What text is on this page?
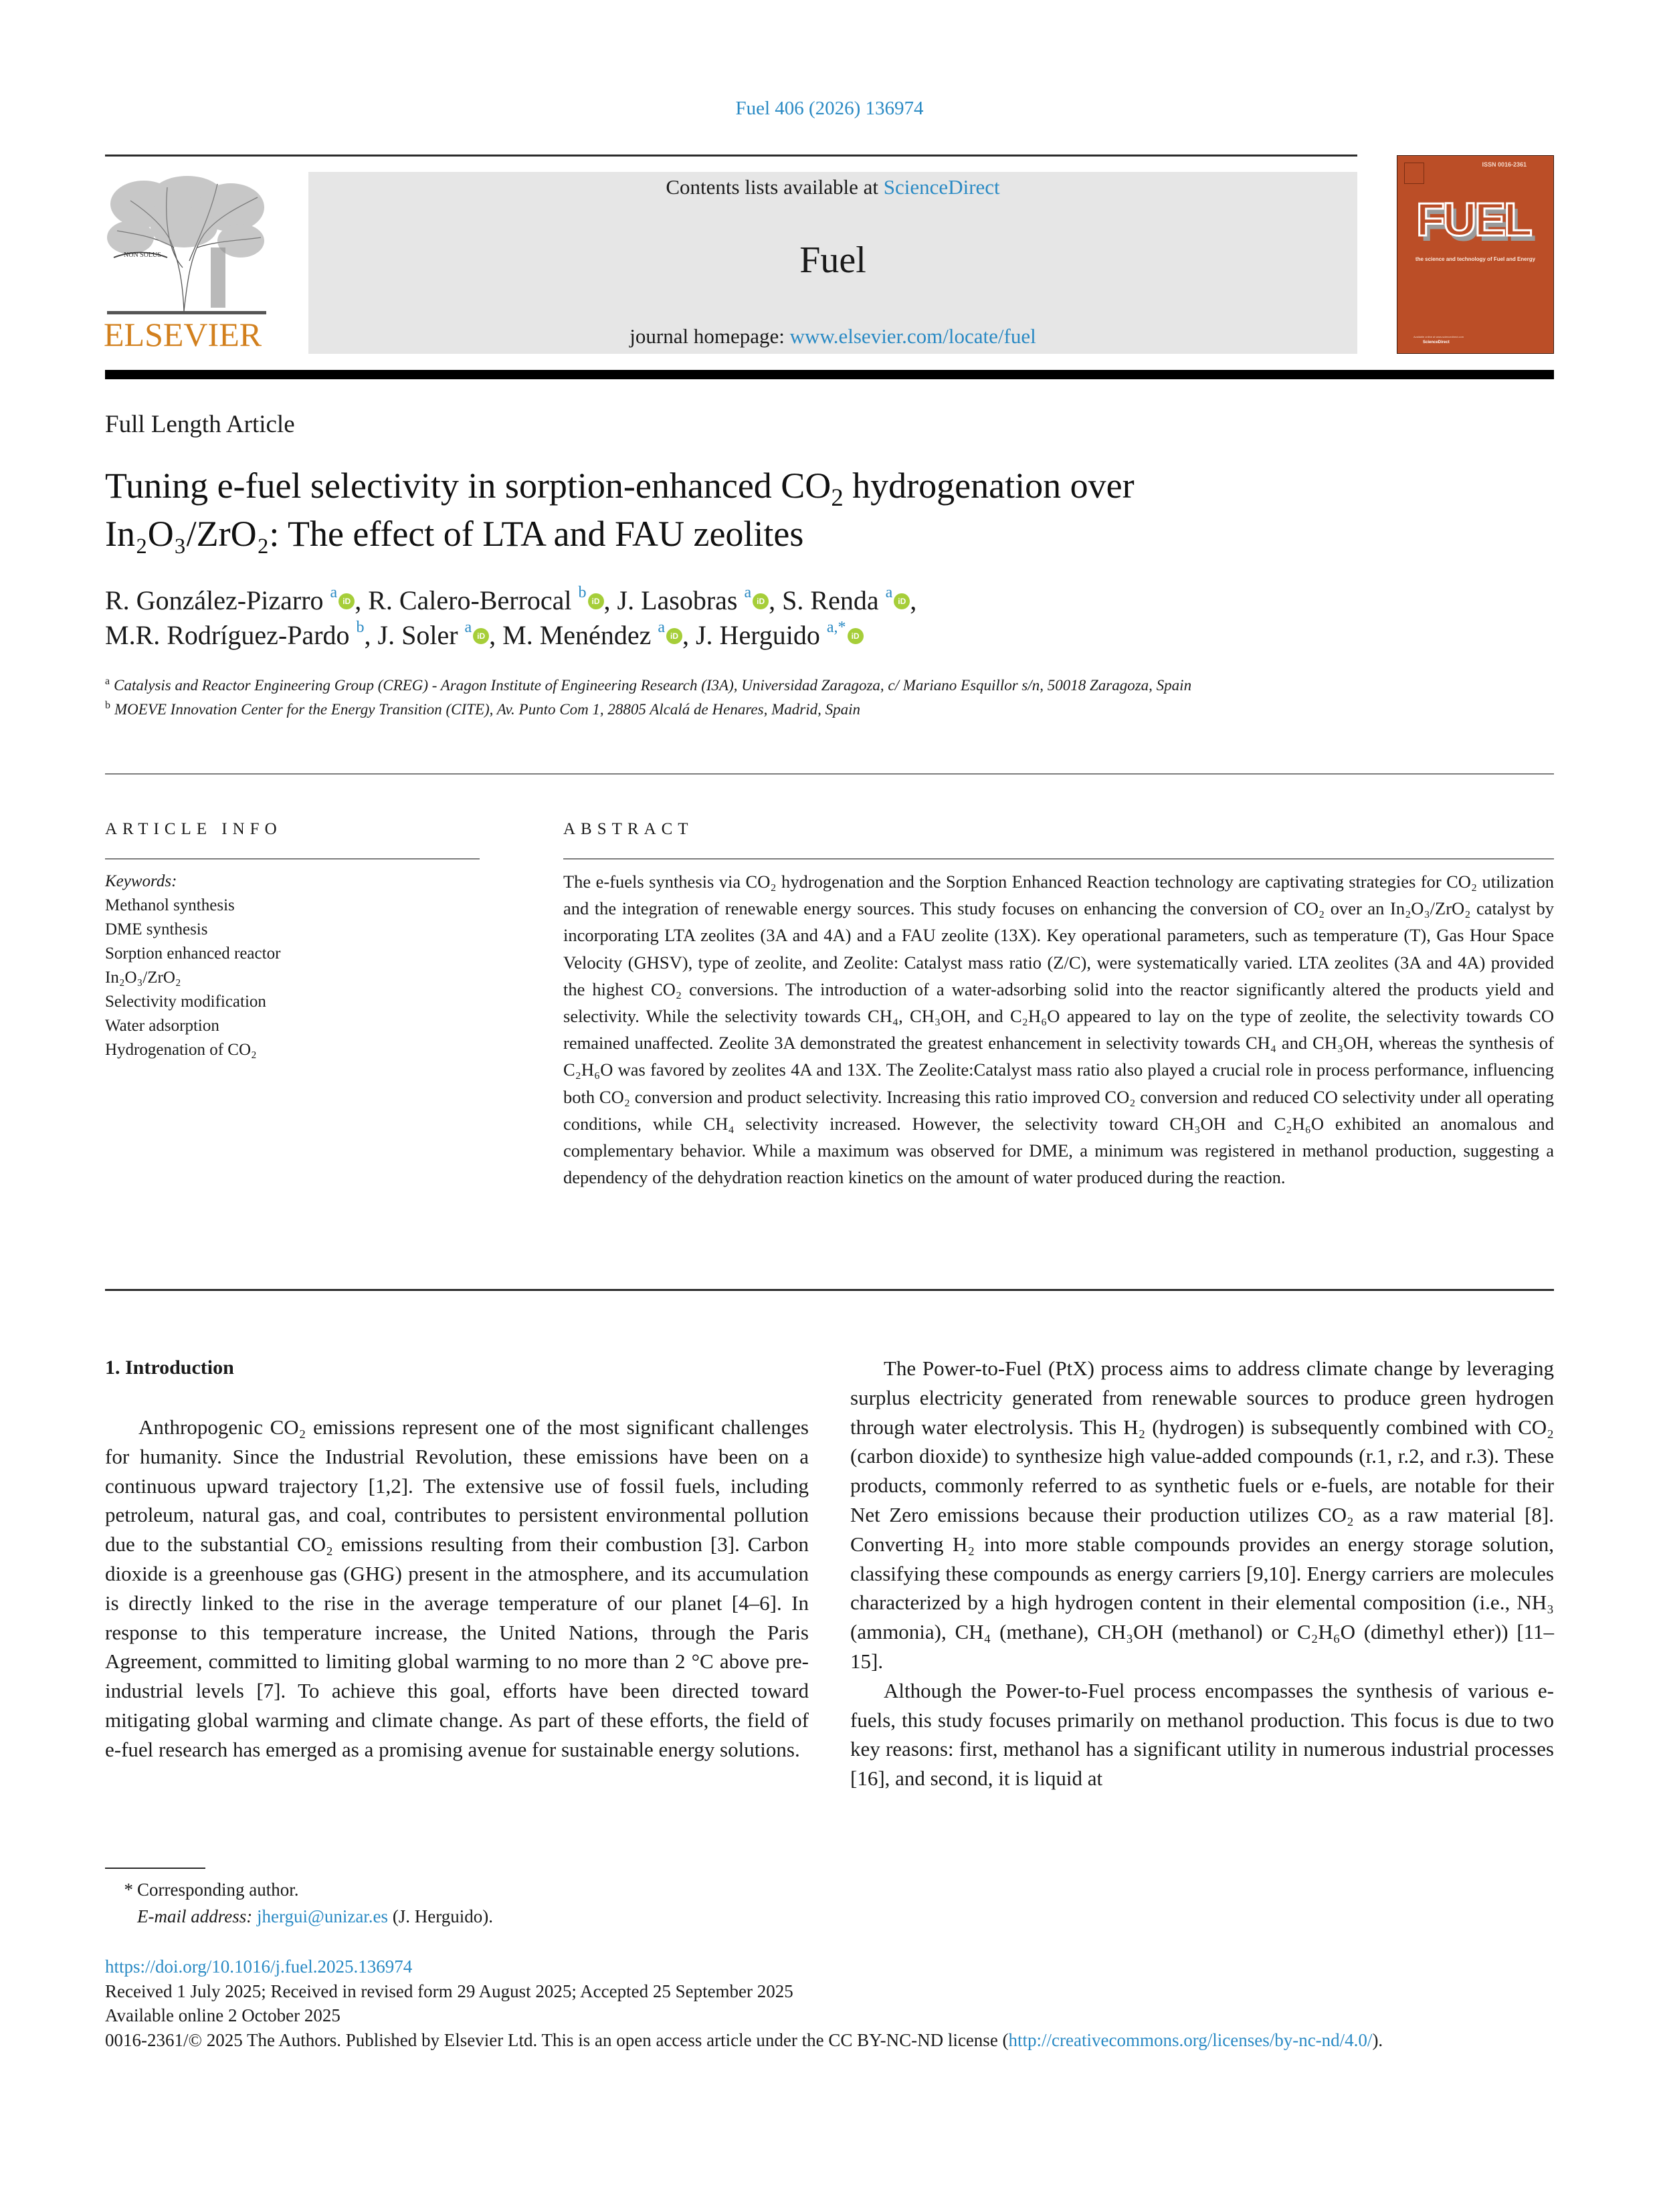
Fuel 406 (2026) 136974
NON SOLUS
ELSEVIER
Contents lists available at ScienceDirect
Fuel
journal homepage: www.elsevier.com/locate/fuel
ISSN 0016-2361
FUEL
the science and technology of Fuel and Energy
Available online at www.sciencedirect.com
ScienceDirect
Full Length Article
Tuning e-fuel selectivity in sorption-enhanced $CO_2$ hydrogenation over
In₂O₃/ZrO₂: The effect of LTA and FAU zeolites
R. González-Pizarro $^a$iD , R. Calero-Berrocal $^b$iD , J. Lasobras $^a$iD , S. Renda $^a$iD ,
M.R. Rodríguez-Pardo $^b$, J. Soler $^a$iD , M. Menéndez $^a$iD , J. Herguido $^{a,*}$iD
$^a$ Catalysis and Reactor Engineering Group (CREG) - Aragon Institute of Engineering Research (I3A), Universidad Zaragoza, c/ Mariano Esquillor s/n, 50018 Zaragoza, Spain
$^b$ MOEVE Innovation Center for the Energy Transition (CITE), Av. Punto Com 1, 28805 Alcalá de Henares, Madrid, Spain
ARTICLE INFO
Keywords:
Methanol synthesis
DME synthesis
Sorption enhanced reactor
In₂O₃/ZrO₂
Selectivity modification
Water adsorption
Hydrogenation of CO₂
ABSTRACT
The e-fuels synthesis via CO₂ hydrogenation and the Sorption Enhanced Reaction technology are captivating strategies for CO₂ utilization and the integration of renewable energy sources. This study focuses on enhancing the conversion of CO₂ over an In₂O₃/ZrO₂ catalyst by incorporating LTA zeolites (3A and 4A) and a FAU zeolite (13X). Key operational parameters, such as temperature (T), Gas Hour Space Velocity (GHSV), type of zeolite, and Zeolite: Catalyst mass ratio (Z/C), were systematically varied. LTA zeolites (3A and 4A) provided the highest CO₂ conversions. The introduction of a water-adsorbing solid into the reactor significantly altered the products yield and selectivity. While the selectivity towards CH₄, CH₃OH, and C₂H₆O appeared to lay on the type of zeolite, the selectivity towards CO remained unaffected. Zeolite 3A demonstrated the greatest enhancement in selectivity towards CH₄ and CH₃OH, whereas the synthesis of C₂H₆O was favored by zeolites 4A and 13X. The Zeolite:Catalyst mass ratio also played a crucial role in process performance, influencing both CO₂ conversion and product selectivity. Increasing this ratio improved CO₂ conversion and reduced CO selectivity under all operating conditions, while CH₄ selectivity increased. However, the selectivity toward CH₃OH and C₂H₆O exhibited an anomalous and complementary behavior. While a maximum was observed for DME, a minimum was registered in methanol production, suggesting a dependency of the dehydration reaction kinetics on the amount of water produced during the reaction.
1. Introduction

Anthropogenic CO₂ emissions represent one of the most significant challenges for humanity. Since the Industrial Revolution, these emissions have been on a continuous upward trajectory [1,2]. The extensive use of fossil fuels, including petroleum, natural gas, and coal, contributes to persistent environmental pollution due to the substantial CO₂ emissions resulting from their combustion [3]. Carbon dioxide is a greenhouse gas (GHG) present in the atmosphere, and its accumulation is directly linked to the rise in the average temperature of our planet [4–6]. In response to this temperature increase, the United Nations, through the Paris Agreement, committed to limiting global warming to no more than 2 °C above pre-industrial levels [7]. To achieve this goal, efforts have been directed toward mitigating global warming and climate change. As part of these efforts, the field of e-fuel research has emerged as a promising avenue for sustainable energy solutions.

The Power-to-Fuel (PtX) process aims to address climate change by leveraging surplus electricity generated from renewable sources to produce green hydrogen through water electrolysis. This H₂ (hydrogen) is subsequently combined with CO₂ (carbon dioxide) to synthesize high value-added compounds (r.1, r.2, and r.3). These products, commonly referred to as synthetic fuels or e-fuels, are notable for their Net Zero emissions because their production utilizes CO₂ as a raw material [8]. Converting H₂ into more stable compounds provides an energy storage solution, classifying these compounds as energy carriers [9,10]. Energy carriers are molecules characterized by a high hydrogen content in their elemental composition (i.e., NH₃ (ammonia), CH₄ (methane), CH₃OH (methanol) or C₂H₆O (dimethyl ether)) [11–15].

Although the Power-to-Fuel process encompasses the synthesis of various e-fuels, this study focuses primarily on methanol production. This focus is due to two key reasons: first, methanol has a significant utility in numerous industrial processes [16], and second, it is liquid at

* Corresponding author.
E-mail address: jhergui@unizar.es (J. Herguido).
https://doi.org/10.1016/j.fuel.2025.136974
Received 1 July 2025; Received in revised form 29 August 2025; Accepted 25 September 2025
Available online 2 October 2025
0016-2361/© 2025 The Authors. Published by Elsevier Ltd. This is an open access article under the CC BY-NC-ND license (http://creativecommons.org/licenses/by-nc-nd/4.0/).
